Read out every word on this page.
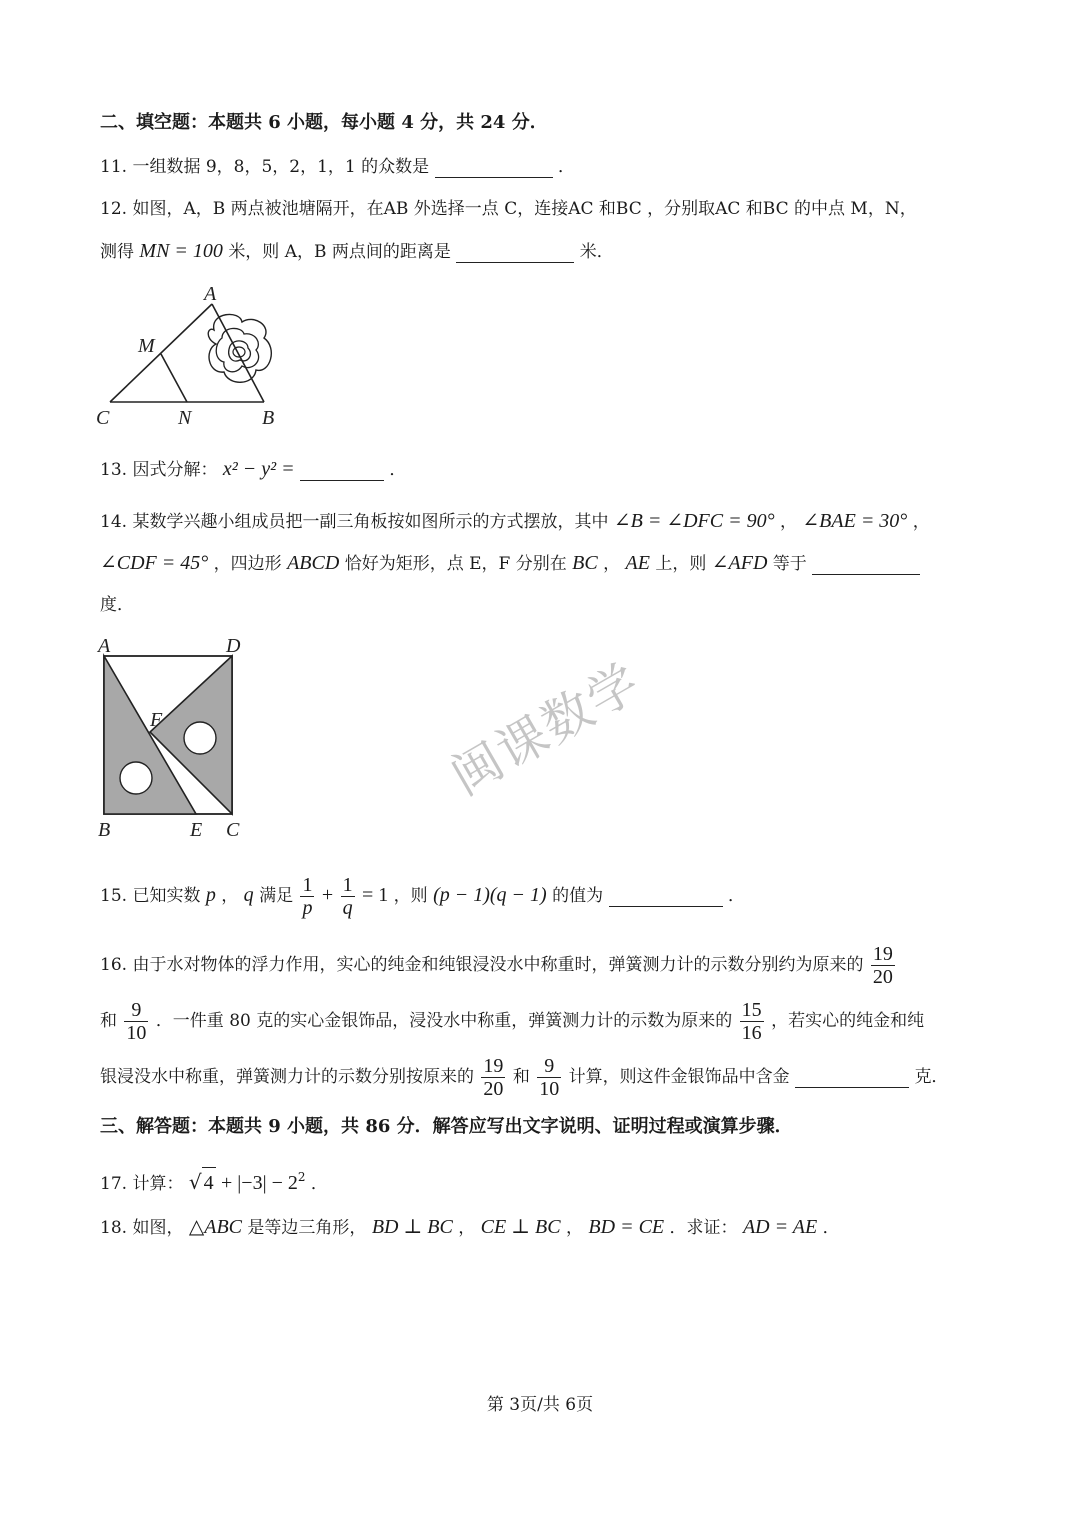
二、填空题：本题共 6 小题，每小题 4 分，共 24 分．
11. 一组数据 9，8，5，2，1，1 的众数是	．
12. 如图，A，B 两点被池塘隔开，在AB 外选择一点 C，连接AC 和BC ，分别取AC 和BC 的中点 M，N，
测得 MN = 100 米，则 A，B 两点间的距离是	米．
A
M
C	N	B
13. 因式分解： x² − y² =	．
14. 某数学兴趣小组成员把一副三角板按如图所示的方式摆放，其中 ∠B = ∠DFC = 90° ， ∠BAE = 30° ，
∠CDF = 45° ，四边形 ABCD 恰好为矩形，点 E，F 分别在 BC ， AE 上，则 ∠AFD 等于
度．
A	D
F
B	E C
闽课数学
15. 已知实数 p ， q 满足 $\frac{1}{p} + \frac{1}{q} = 1$ ，则 (p − 1)(q − 1) 的值为	．
16. 由于水对物体的浮力作用，实心的纯金和纯银浸没水中称重时，弹簧测力计的示数分别约为原来的 $\frac{19}{20}$
和 $\frac{9}{10}$ ．一件重 80 克的实心金银饰品，浸没水中称重，弹簧测力计的示数为原来的 $\frac{15}{16}$ ，若实心的纯金和纯
银浸没水中称重，弹簧测力计的示数分别按原来的 $\frac{19}{20}$ 和 $\frac{9}{10}$ 计算，则这件金银饰品中含金	克．
三、解答题：本题共 9 小题，共 86 分．解答应写出文字说明、证明过程或演算步骤．
17. 计算： √ $4 + |-3| - 2^2$ ．
18. 如图， △ABC 是等边三角形， BD ⊥ BC ， CE ⊥ BC ， BD = CE ．求证： AD = AE ．
第 3页/共 6页
